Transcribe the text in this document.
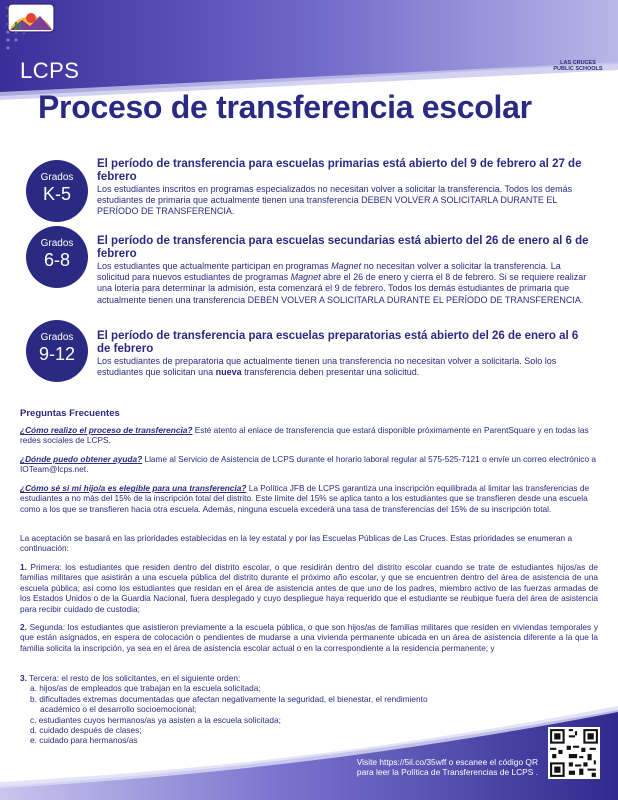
LCPS	LAS CRUCES
PUBLIC SCHOOLS
Proceso de transferencia escolar
Grados
K-5
El período de transferencia para escuelas primarias está abierto del 9 de febrero al 27 de febrero

Los estudiantes inscritos en programas especializados no necesitan volver a solicitar la transferencia. Todos los demás estudiantes de primaria que actualmente tienen una transferencia DEBEN VOLVER A SOLICITARLA DURANTE EL PERÍODO DE TRANSFERENCIA.

Grados
6-8
El período de transferencia para escuelas secundarias está abierto del 26 de enero al 6 de febrero

Los estudiantes que actualmente participan en programas Magnet no necesitan volver a solicitar la transferencia. La solicitud para nuevos estudiantes de programas Magnet abre el 26 de enero y cierra el 8 de febrero. Si se requiere realizar una lotería para determinar la admisión, esta comenzará el 9 de febrero. Todos los demás estudiantes de primaria que actualmente tienen una transferencia DEBEN VOLVER A SOLICITARLA DURANTE EL PERÍODO DE TRANSFERENCIA.

Grados
9-12
El período de transferencia para escuelas preparatorias está abierto del 26 de enero al 6 de febrero

Los estudiantes de preparatoria que actualmente tienen una transferencia no necesitan volver a solicitarla. Solo los estudiantes que solicitan una nueva transferencia deben presentar una solicitud.

Preguntas Frecuentes
¿Cómo realizo el proceso de transferencia? Esté atento al enlace de transferencia que estará disponible próximamente en ParentSquare y en todas las redes sociales de LCPS.
¿Dónde puedo obtener ayuda? Llame al Servicio de Asistencia de LCPS durante el horario laboral regular al 575-525-7121 o envíe un correo electrónico a IOTeam@lcps.net.
¿Cómo sé si mi hijo/a es elegible para una transferencia? La Política JFB de LCPS garantiza una inscripción equilibrada al limitar las transferencias de estudiantes a no más del 15% de la inscripción total del distrito. Este límite del 15% se aplica tanto a los estudiantes que se transfieren desde una escuela como a los que se transfieren hacia otra escuela. Además, ninguna escuela excederá una tasa de transferencias del 15% de su inscripción total.
La aceptación se basará en las prioridades establecidas en la ley estatal y por las Escuelas Públicas de Las Cruces. Estas prioridades se enumeran a continuación:
1. Primera: los estudiantes que residen dentro del distrito escolar, o que residirán dentro del distrito escolar cuando se trate de estudiantes hijos/as de familias militares que asistirán a una escuela pública del distrito durante el próximo año escolar, y que se encuentren dentro del área de asistencia de una escuela pública; así como los estudiantes que residan en el área de asistencia antes de que uno de los padres, miembro activo de las fuerzas armadas de los Estados Unidos o de la Guardia Nacional, fuera desplegado y cuyo despliegue haya requerido que el estudiante se reubique fuera del área de asistencia para recibir cuidado de custodia;
2. Segunda: los estudiantes que asistieron previamente a la escuela pública, o que son hijos/as de familias militares que residen en viviendas temporales y que están asignados, en espera de colocación o pendientes de mudarse a una vivienda permanente ubicada en un área de asistencia diferente a la que la familia solicita la inscripción, ya sea en el área de asistencia escolar actual o en la correspondiente a la residencia permanente; y
3. Tercera: el resto de los solicitantes, en el siguiente orden:
a. hijos/as de empleados que trabajan en la escuela solicitada;
b. dificultades extremas documentadas que afectan negativamente la seguridad, el bienestar, el rendimiento
académico o el desarrollo socioemocional;
c. estudiantes cuyos hermanos/as ya asisten a la escuela solicitada;
d. cuidado después de clases;
e. cuidado para hermanos/as
Visite https://5il.co/35wff o escanee el código QR
para leer la Política de Transferencias de LCPS .
